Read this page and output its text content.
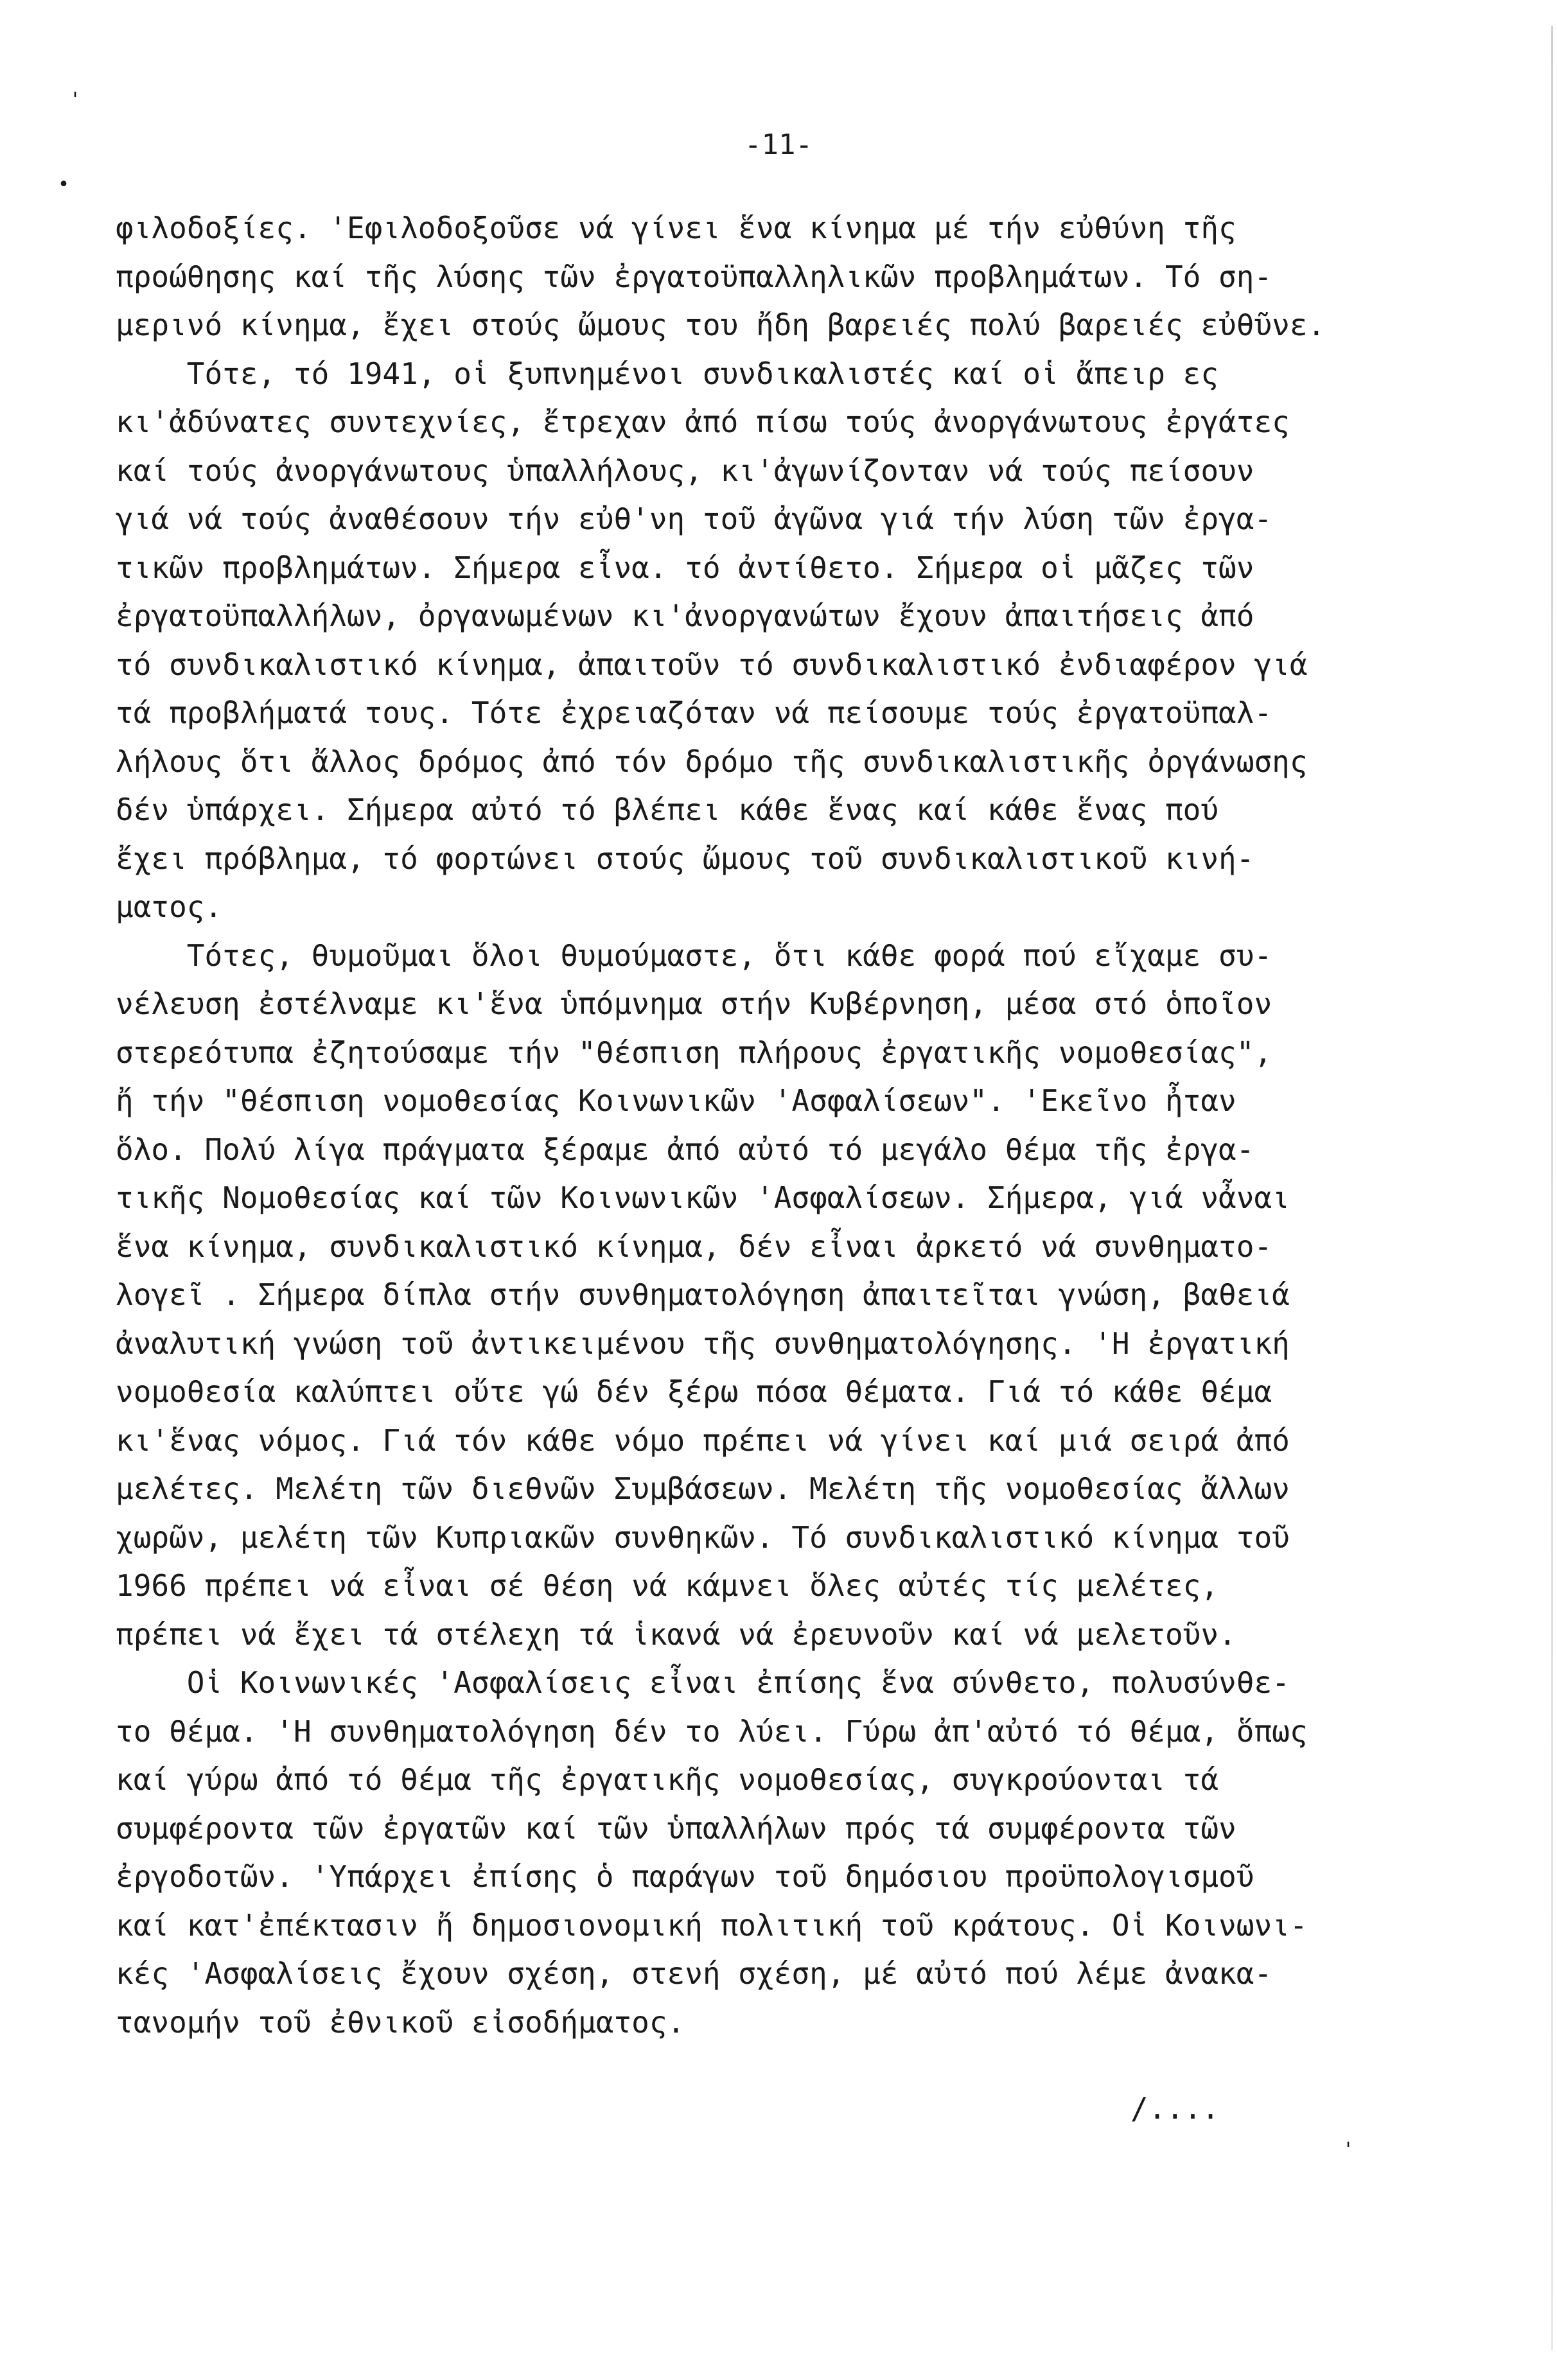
'
•
'
-11-
φιλοδοξίες. 'Εφιλοδοξοῦσε νά γίνει ἕνα κίνημα μέ τήν εὐθύνη τῆς
προώθησης καί τῆς λύσης τῶν ἐργατοϋπαλληλικῶν προβλημάτων. Τό ση-
μερινό κίνημα, ἔχει στούς ὤμους του ἤδη βαρειές πολύ βαρειές εὐθῦνε.
Τότε, τό 1941, οἱ ξυπνημένοι συνδικαλιστές καί οἱ ἄπειρ ες
κι'ἀδύνατες συντεχνίες, ἔτρεχαν ἀπό πίσω τούς ἀνοργάνωτους ἐργάτες
καί τούς ἀνοργάνωτους ὑπαλλήλους, κι'ἀγωνίζονταν νά τούς πείσουν
γιά νά τούς ἀναθέσουν τήν εὐθ'νη τοῦ ἀγῶνα γιά τήν λύση τῶν ἐργα-
τικῶν προβλημάτων. Σήμερα εἶνα. τό ἀντίθετο. Σήμερα οἱ μᾶζες τῶν
ἐργατοϋπαλλήλων, ὀργανωμένων κι'ἀνοργανώτων ἔχουν ἀπαιτήσεις ἀπό
τό συνδικαλιστικό κίνημα, ἀπαιτοῦν τό συνδικαλιστικό ἐνδιαφέρον γιά
τά προβλήματά τους. Τότε ἐχρειαζόταν νά πείσουμε τούς ἐργατοϋπαλ-
λήλους ὅτι ἄλλος δρόμος ἀπό τόν δρόμο τῆς συνδικαλιστικῆς ὀργάνωσης
δέν ὑπάρχει. Σήμερα αὐτό τό βλέπει κάθε ἕνας καί κάθε ἕνας πού
ἔχει πρόβλημα, τό φορτώνει στούς ὤμους τοῦ συνδικαλιστικοῦ κινή-
ματος.
Τότες, θυμοῦμαι ὅλοι θυμούμαστε, ὅτι κάθε φορά πού εἴχαμε συ-
νέλευση ἐστέλναμε κι'ἕνα ὑπόμνημα στήν Κυβέρνηση, μέσα στό ὁποῖον
στερεότυπα ἐζητούσαμε τήν "θέσπιση πλήρους ἐργατικῆς νομοθεσίας",
ἤ τήν "θέσπιση νομοθεσίας Κοινωνικῶν 'Ασφαλίσεων". 'Εκεῖνο ἦταν
ὅλο. Πολύ λίγα πράγματα ξέραμε ἀπό αὐτό τό μεγάλο θέμα τῆς ἐργα-
τικῆς Νομοθεσίας καί τῶν Κοινωνικῶν 'Ασφαλίσεων. Σήμερα, γιά νἆναι
ἕνα κίνημα, συνδικαλιστικό κίνημα, δέν εἶναι ἀρκετό νά συνθηματο-
λογεῖ . Σήμερα δίπλα στήν συνθηματολόγηση ἀπαιτεῖται γνώση, βαθειά
ἀναλυτική γνώση τοῦ ἀντικειμένου τῆς συνθηματολόγησης. 'Η ἐργατική
νομοθεσία καλύπτει οὔτε γώ δέν ξέρω πόσα θέματα. Γιά τό κάθε θέμα
κι'ἕνας νόμος. Γιά τόν κάθε νόμο πρέπει νά γίνει καί μιά σειρά ἀπό
μελέτες. Μελέτη τῶν διεθνῶν Συμβάσεων. Μελέτη τῆς νομοθεσίας ἄλλων
χωρῶν, μελέτη τῶν Κυπριακῶν συνθηκῶν. Τό συνδικαλιστικό κίνημα τοῦ
1966 πρέπει νά εἶναι σέ θέση νά κάμνει ὅλες αὐτές τίς μελέτες,
πρέπει νά ἔχει τά στέλεχη τά ἱκανά νά ἐρευνοῦν καί νά μελετοῦν.
Οἱ Κοινωνικές 'Ασφαλίσεις εἶναι ἐπίσης ἕνα σύνθετο, πολυσύνθε-
το θέμα. 'Η συνθηματολόγηση δέν το λύει. Γύρω ἀπ'αὐτό τό θέμα, ὅπως
καί γύρω ἀπό τό θέμα τῆς ἐργατικῆς νομοθεσίας, συγκρούονται τά
συμφέροντα τῶν ἐργατῶν καί τῶν ὑπαλλήλων πρός τά συμφέροντα τῶν
ἐργοδοτῶν. 'Υπάρχει ἐπίσης ὁ παράγων τοῦ δημόσιου προϋπολογισμοῦ
καί κατ'ἐπέκτασιν ἤ δημοσιονομική πολιτική τοῦ κράτους. Οἱ Κοινωνι-
κές 'Ασφαλίσεις ἔχουν σχέση, στενή σχέση, μέ αὐτό πού λέμε ἀνακα-
τανομήν τοῦ ἐθνικοῦ εἰσοδήματος.
/....
